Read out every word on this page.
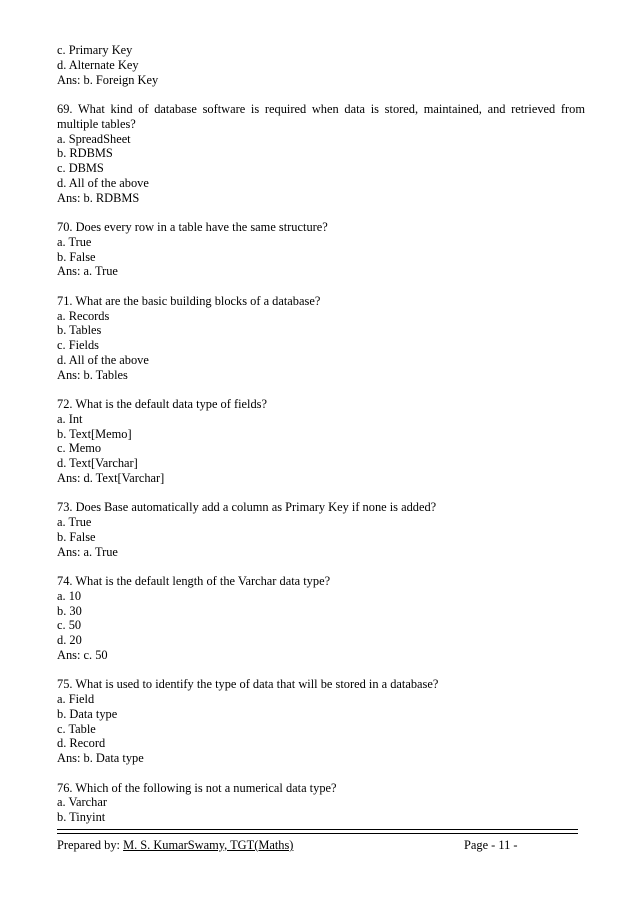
c. Primary Key
d. Alternate Key
Ans: b. Foreign Key
69. What kind of database software is required when data is stored, maintained, and retrieved from
multiple tables?
a. SpreadSheet
b. RDBMS
c. DBMS
d. All of the above
Ans: b. RDBMS
70. Does every row in a table have the same structure?
a. True
b. False
Ans: a. True
71. What are the basic building blocks of a database?
a. Records
b. Tables
c. Fields
d. All of the above
Ans: b. Tables
72. What is the default data type of fields?
a. Int
b. Text[Memo]
c. Memo
d. Text[Varchar]
Ans: d. Text[Varchar]
73. Does Base automatically add a column as Primary Key if none is added?
a. True
b. False
Ans: a. True
74. What is the default length of the Varchar data type?
a. 10
b. 30
c. 50
d. 20
Ans: c. 50
75. What is used to identify the type of data that will be stored in a database?
a. Field
b. Data type
c. Table
d. Record
Ans: b. Data type
76. Which of the following is not a numerical data type?
a. Varchar
b. Tinyint
Prepared by: M. S. KumarSwamy, TGT(Maths)	Page - 11 -
